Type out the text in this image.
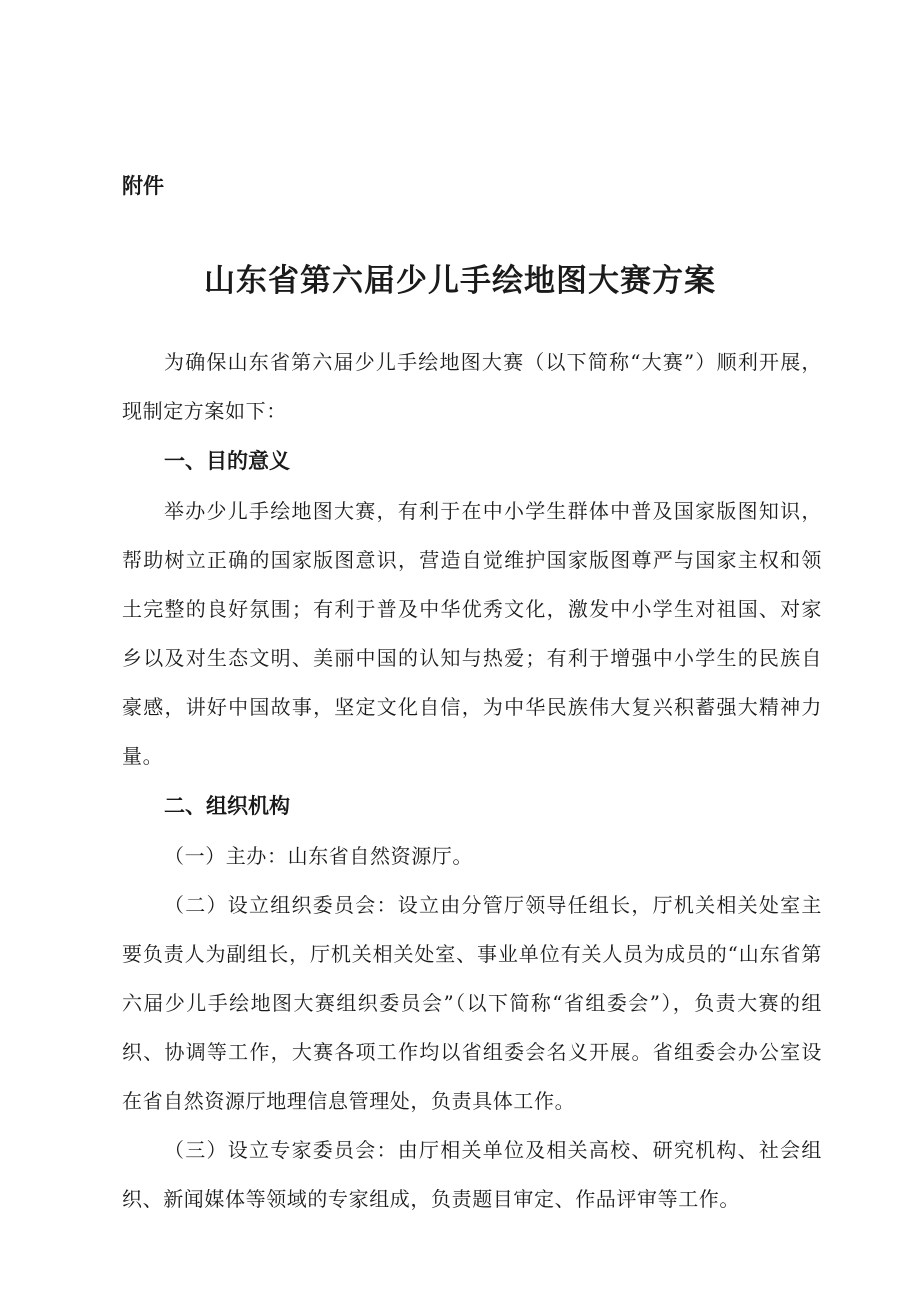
附件
山东省第六届少儿手绘地图大赛方案

为确保山东省第六届少儿手绘地图大赛（以下简称“大赛”）顺利开展，现制定方案如下：

一、目的意义

举办少儿手绘地图大赛，有利于在中小学生群体中普及国家版图知识，帮助树立正确的国家版图意识，营造自觉维护国家版图尊严与国家主权和领土完整的良好氛围；有利于普及中华优秀文化，激发中小学生对祖国、对家乡以及对生态文明、美丽中国的认知与热爱；有利于增强中小学生的民族自豪感，讲好中国故事，坚定文化自信，为中华民族伟大复兴积蓄强大精神力量。

二、组织机构

（一）主办：山东省自然资源厅。

（二）设立组织委员会：设立由分管厅领导任组长，厅机关相关处室主要负责人为副组长，厅机关相关处室、事业单位有关人员为成员的“山东省第六届少儿手绘地图大赛组织委员会”（以下简称“省组委会”），负责大赛的组织、协调等工作，大赛各项工作均以省组委会名义开展。省组委会办公室设在省自然资源厅地理信息管理处，负责具体工作。

（三）设立专家委员会：由厅相关单位及相关高校、研究机构、社会组织、新闻媒体等领域的专家组成，负责题目审定、作品评审等工作。
